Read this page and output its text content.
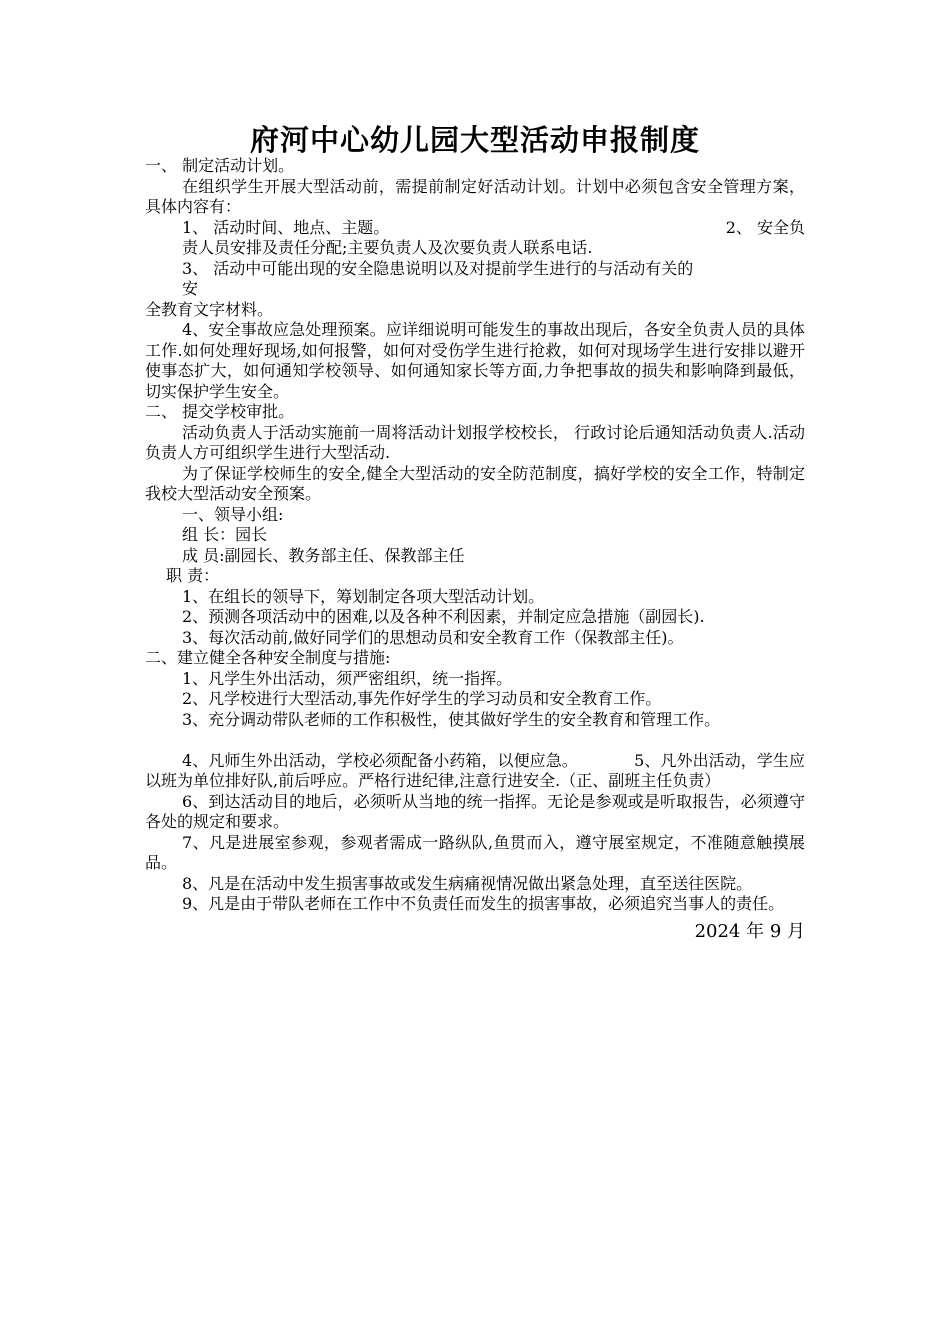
府河中心幼儿园大型活动申报制度

一、 制定活动计划。

在组织学生开展大型活动前，需提前制定好活动计划。计划中必须包含安全管理方案，具体内容有：

1、 活动时间、地点、主题。	2、 安全负

责人员安排及责任分配;主要负责人及次要负责人联系电话.

3、 活动中可能出现的安全隐患说明以及对提前学生进行的与活动有关的

安

全教育文字材料。

4、安全事故应急处理预案。应详细说明可能发生的事故出现后，各安全负责人员的具体工作.如何处理好现场,如何报警，如何对受伤学生进行抢救，如何对现场学生进行安排以避开使事态扩大，如何通知学校领导、如何通知家长等方面,力争把事故的损失和影响降到最低，切实保护学生安全。

二、 提交学校审批。

活动负责人于活动实施前一周将活动计划报学校校长， 行政讨论后通知活动负责人.活动负责人方可组织学生进行大型活动.

为了保证学校师生的安全,健全大型活动的安全防范制度，搞好学校的安全工作，特制定我校大型活动安全预案。

一、领导小组:

组 长：园长

成 员:副园长、教务部主任、保教部主任

职 责：

1、在组长的领导下，筹划制定各项大型活动计划。

2、预测各项活动中的困难,以及各种不利因素，并制定应急措施（副园长).

3、每次活动前,做好同学们的思想动员和安全教育工作（保教部主任)。

二、建立健全各种安全制度与措施:

1、凡学生外出活动，须严密组织，统一指挥。

2、凡学校进行大型活动,事先作好学生的学习动员和安全教育工作。

3、充分调动带队老师的工作积极性，使其做好学生的安全教育和管理工作。

4、凡师生外出活动，学校必须配备小药箱，以便应急。　　　　5、凡外出活动，学生应以班为单位排好队,前后呼应。严格行进纪律,注意行进安全.（正、副班主任负责）

6、到达活动目的地后，必须听从当地的统一指挥。无论是参观或是听取报告，必须遵守各处的规定和要求。

7、凡是进展室参观，参观者需成一路纵队,鱼贯而入，遵守展室规定，不准随意触摸展品。

8、凡是在活动中发生损害事故或发生病痛视情况做出紧急处理，直至送往医院。

9、凡是由于带队老师在工作中不负责任而发生的损害事故，必须追究当事人的责任。

2024 年 9 月
